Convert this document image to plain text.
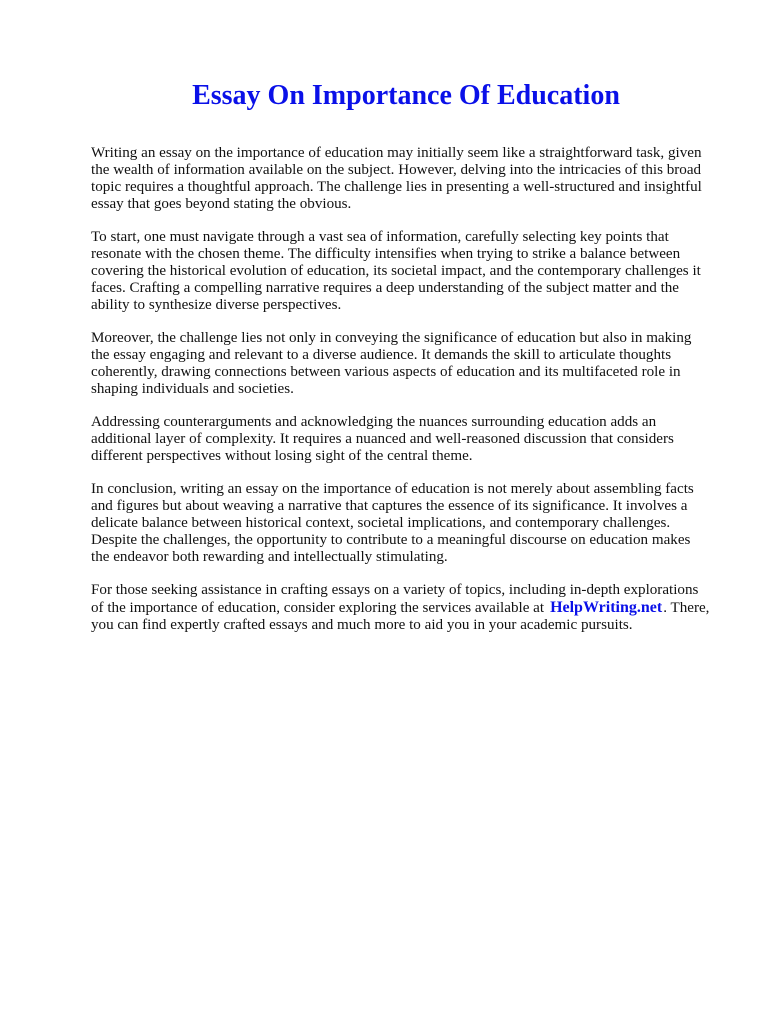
Essay On Importance Of Education

Writing an essay on the importance of education may initially seem like a straightforward task, given
the wealth of information available on the subject. However, delving into the intricacies of this broad
topic requires a thoughtful approach. The challenge lies in presenting a well-structured and insightful
essay that goes beyond stating the obvious.

To start, one must navigate through a vast sea of information, carefully selecting key points that
resonate with the chosen theme. The difficulty intensifies when trying to strike a balance between
covering the historical evolution of education, its societal impact, and the contemporary challenges it
faces. Crafting a compelling narrative requires a deep understanding of the subject matter and the
ability to synthesize diverse perspectives.

Moreover, the challenge lies not only in conveying the significance of education but also in making
the essay engaging and relevant to a diverse audience. It demands the skill to articulate thoughts
coherently, drawing connections between various aspects of education and its multifaceted role in
shaping individuals and societies.

Addressing counterarguments and acknowledging the nuances surrounding education adds an
additional layer of complexity. It requires a nuanced and well-reasoned discussion that considers
different perspectives without losing sight of the central theme.

In conclusion, writing an essay on the importance of education is not merely about assembling facts
and figures but about weaving a narrative that captures the essence of its significance. It involves a
delicate balance between historical context, societal implications, and contemporary challenges.
Despite the challenges, the opportunity to contribute to a meaningful discourse on education makes
the endeavor both rewarding and intellectually stimulating.

For those seeking assistance in crafting essays on a variety of topics, including in-depth explorations
of the importance of education, consider exploring the services available at HelpWriting.net. There,
you can find expertly crafted essays and much more to aid you in your academic pursuits.
